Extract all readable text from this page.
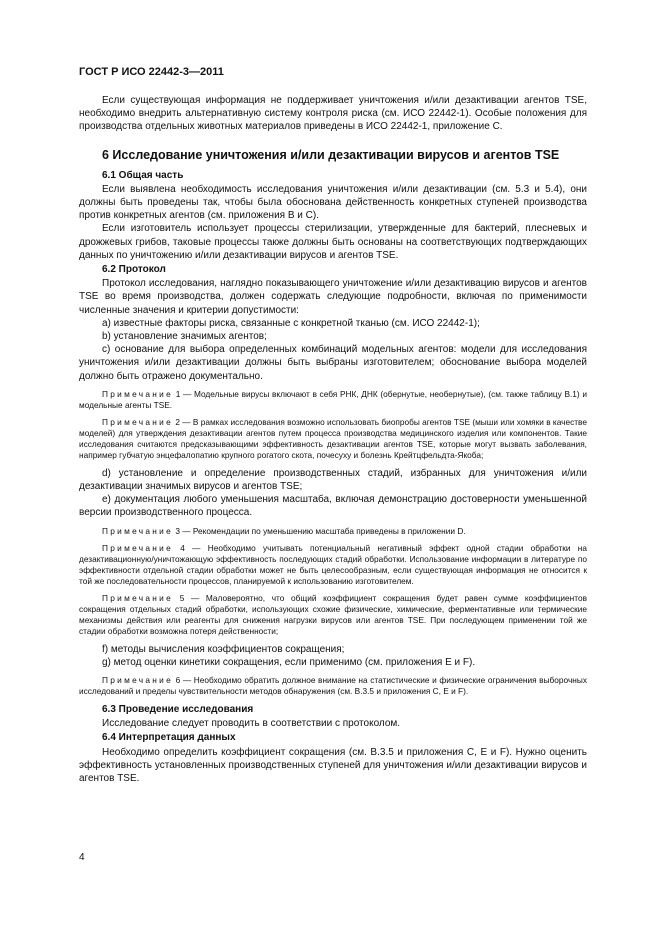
ГОСТ Р ИСО 22442-3—2011

Если существующая информация не поддерживает уничтожения и/или дезактивации агентов TSE, необходимо внедрить альтернативную систему контроля риска (см. ИСО 22442-1). Особые положения для производства отдельных животных материалов приведены в ИСО 22442-1, приложение С.

6 Исследование уничтожения и/или дезактивации вирусов и агентов TSE
6.1 Общая часть

Если выявлена необходимость исследования уничтожения и/или дезактивации (см. 5.3 и 5.4), они должны быть проведены так, чтобы была обоснована действенность конкретных ступеней производства против конкретных агентов (см. приложения В и С).

Если изготовитель использует процессы стерилизации, утвержденные для бактерий, плесневых и дрожжевых грибов, таковые процессы также должны быть основаны на соответствующих подтверждающих данных по уничтожению и/или дезактивации вирусов и агентов TSE.

6.2 Протокол

Протокол исследования, наглядно показывающего уничтожение и/или дезактивацию вирусов и агентов TSE во время производства, должен содержать следующие подробности, включая по применимости численные значения и критерии допустимости:

а) известные факторы риска, связанные с конкретной тканью (см. ИСО 22442-1);

b) установление значимых агентов;

с) основание для выбора определенных комбинаций модельных агентов: модели для исследования уничтожения и/или дезактивации должны быть выбраны изготовителем; обоснование выбора моделей должно быть отражено документально.

Примечание 1 — Модельные вирусы включают в себя РНК, ДНК (обернутые, необернутые), (см. также таблицу В.1) и модельные агенты TSE.
Примечание 2 — В рамках исследования возможно использовать биопробы агентов TSE (мыши или хомяки в качестве моделей) для утверждения дезактивации агентов путем процесса производства медицинского изделия или компонентов. Такие исследования считаются предсказывающими эффективность дезактивации агентов TSE, которые могут вызвать заболевания, например губчатую энцефалопатию крупного рогатого скота, почесуху и болезнь Крейтцфельдта-Якоба;

d) установление и определение производственных стадий, избранных для уничтожения и/или дезактивации значимых вирусов и агентов TSE;

е) документация любого уменьшения масштаба, включая демонстрацию достоверности уменьшенной версии производственного процесса.

Примечание 3 — Рекомендации по уменьшению масштаба приведены в приложении D.
Примечание 4 — Необходимо учитывать потенциальный негативный эффект одной стадии обработки на дезактивационную/уничтожающую эффективность последующих стадий обработки. Использование информации в литературе по эффективности отдельной стадии обработки может не быть целесообразным, если существующая информация не относится к той же последовательности процессов, планируемой к использованию изготовителем.
Примечание 5 — Маловероятно, что общий коэффициент сокращения будет равен сумме коэффициентов сокращения отдельных стадий обработки, использующих схожие физические, химические, ферментативные или термические механизмы действия или реагенты для снижения нагрузки вирусов или агентов TSE. При последующем применении той же стадии обработки возможна потеря действенности;

f) методы вычисления коэффициентов сокращения;

g) метод оценки кинетики сокращения, если применимо (см. приложения Е и F).

Примечание 6 — Необходимо обратить должное внимание на статистические и физические ограничения выборочных исследований и пределы чувствительности методов обнаружения (см. В.3.5 и приложения С, Е и F).
6.3 Проведение исследования

Исследование следует проводить в соответствии с протоколом.

6.4 Интерпретация данных

Необходимо определить коэффициент сокращения (см. В.3.5 и приложения С, Е и F). Нужно оценить эффективность установленных производственных ступеней для уничтожения и/или дезактивации вирусов и агентов TSE.

4
